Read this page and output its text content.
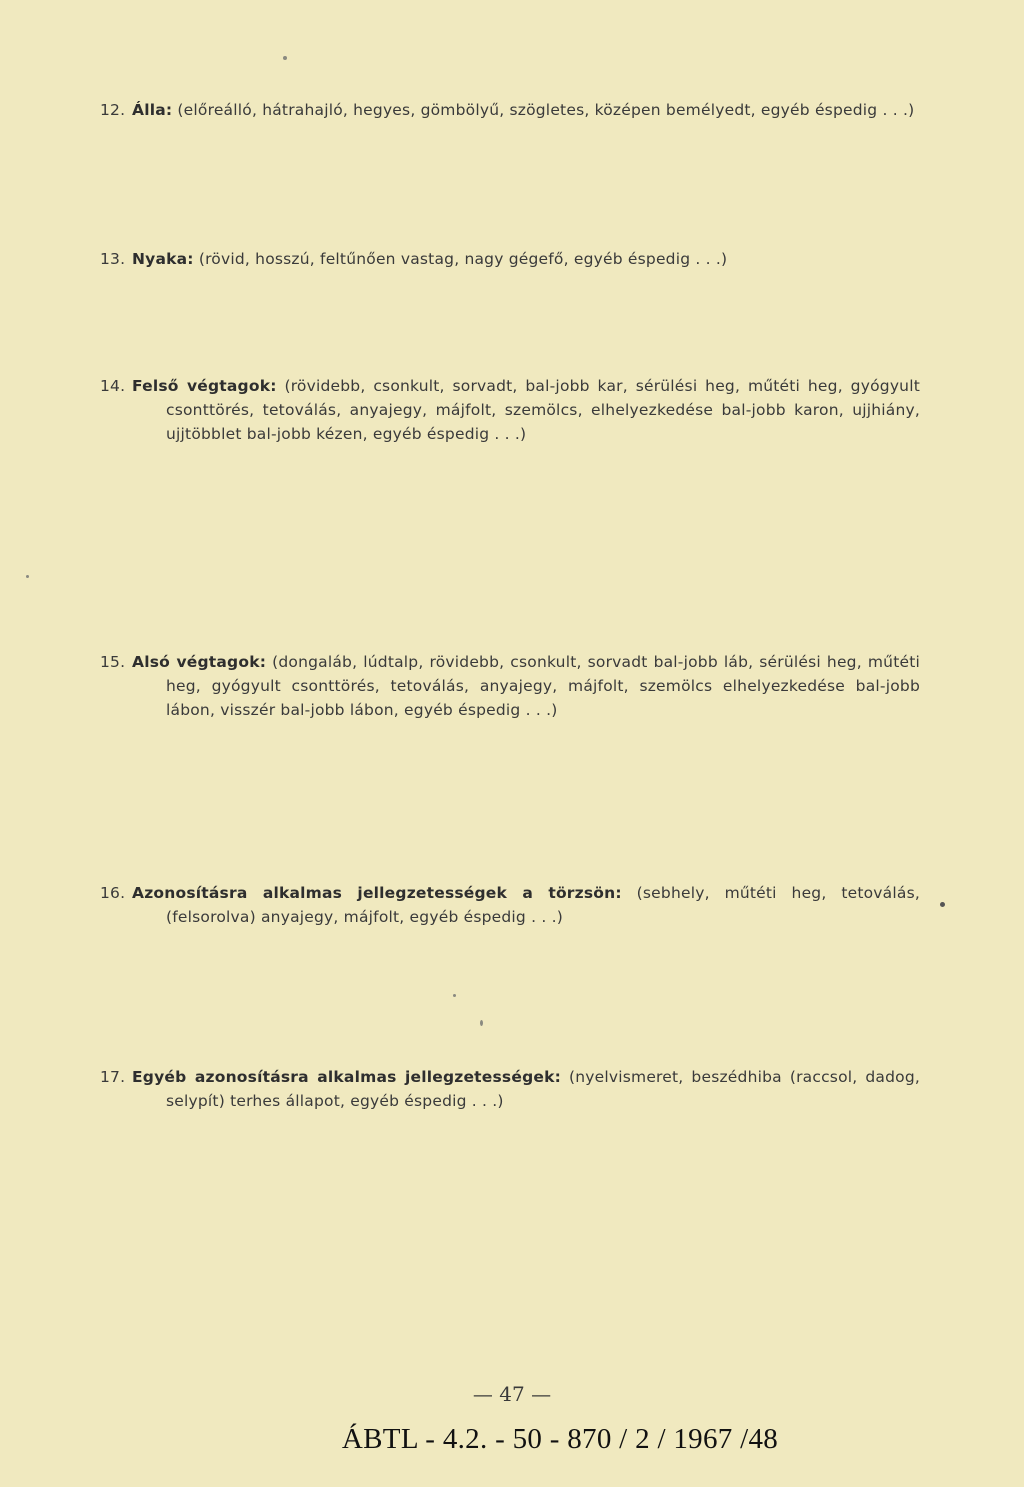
12. Álla: (előreálló, hátrahajló, hegyes, gömbölyű, szögletes, középen bemélyedt, egyéb éspedig . . .)
13. Nyaka: (rövid, hosszú, feltűnően vastag, nagy gégefő, egyéb éspedig . . .)
14. Felső végtagok: (rövidebb, csonkult, sorvadt, bal-jobb kar, sérülési heg, műtéti heg, gyógyult csonttörés, tetoválás, anyajegy, májfolt, szemölcs, elhelyezkedése bal-jobb karon, ujjhiány, ujjtöbblet bal-jobb kézen, egyéb éspedig . . .)
15. Alsó végtagok: (dongaláb, lúdtalp, rövidebb, csonkult, sorvadt bal-jobb láb, sérülési heg, műtéti heg, gyógyult csonttörés, tetoválás, anyajegy, májfolt, szemölcs elhelyezkedése bal-jobb lábon, visszér bal-jobb lábon, egyéb éspedig . . .)
16. Azonosításra alkalmas jellegzetességek a törzsön: (sebhely, műtéti heg, tetoválás, (felsorolva) anyajegy, májfolt, egyéb éspedig . . .)
17. Egyéb azonosításra alkalmas jellegzetességek: (nyelvismeret, beszédhiba (raccsol, dadog, selypít) terhes állapot, egyéb éspedig . . .)
— 47 —
ÁBTL - 4.2. - 50 - 870 / 2 / 1967 /48
